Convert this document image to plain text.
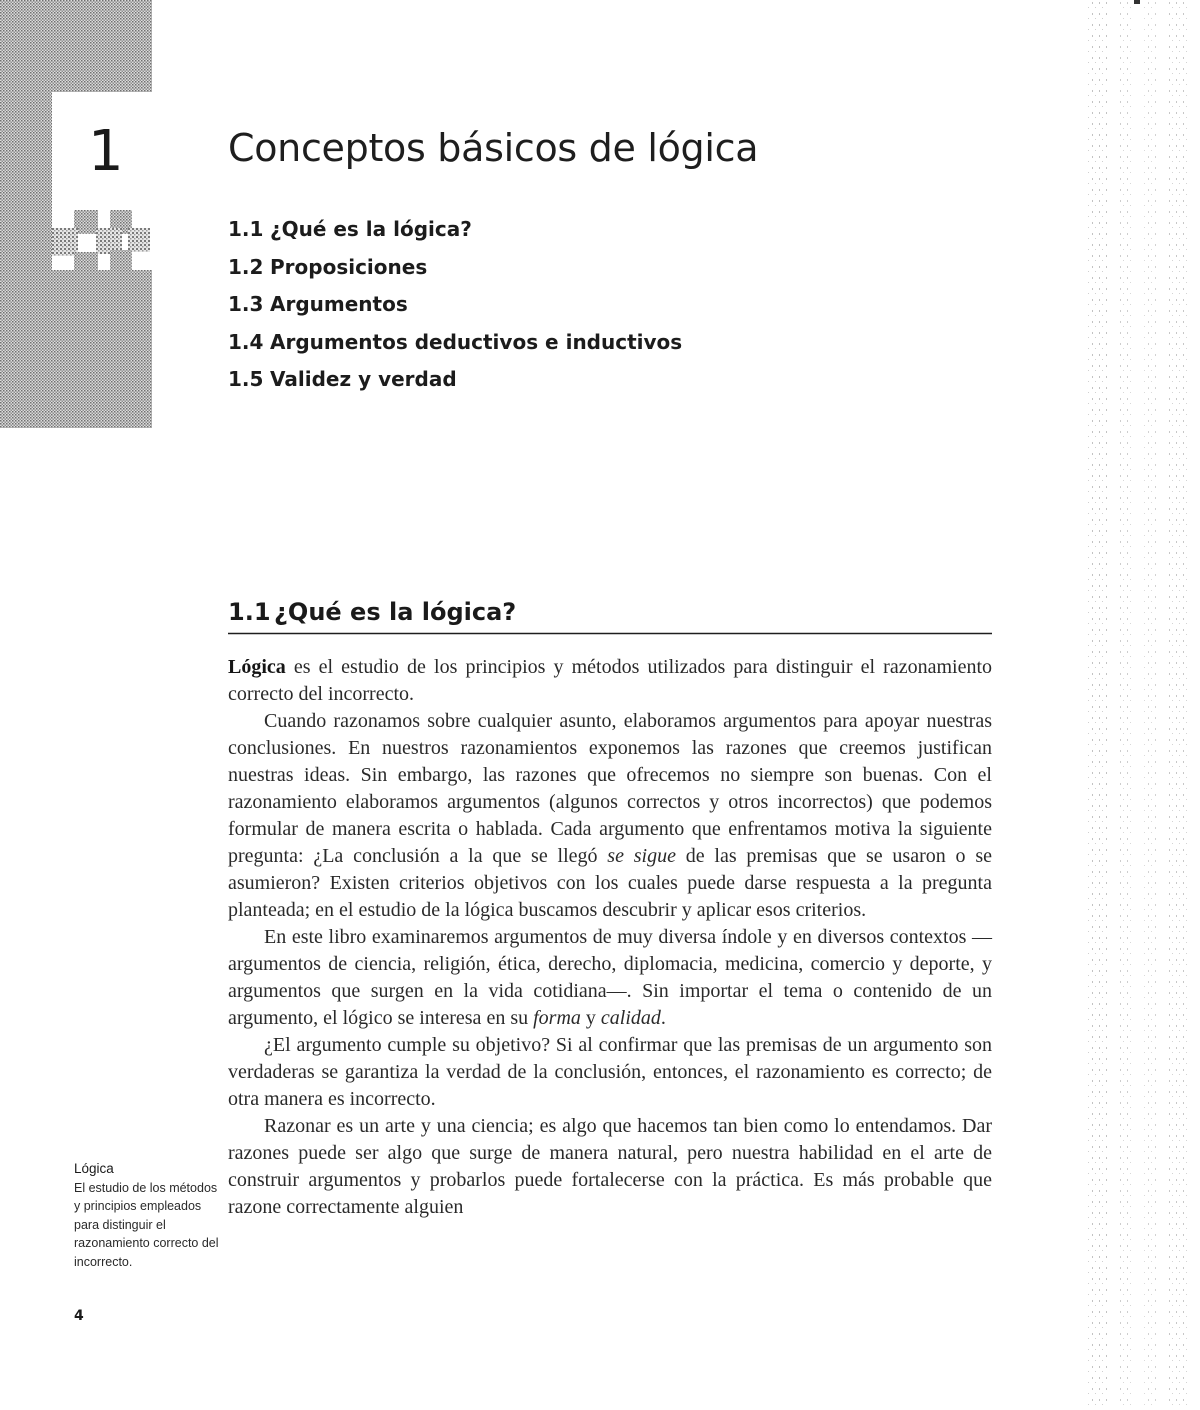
1	Conceptos básicos de lógica
1.1 ¿Qué es la lógica?
1.2 Proposiciones
1.3 Argumentos
1.4 Argumentos deductivos e inductivos
1.5 Validez y verdad
1.1 ¿Qué es la lógica?

Lógica es el estudio de los principios y métodos utilizados para distinguir el razonamiento correcto del incorrecto.

Cuando razonamos sobre cualquier asunto, elaboramos argumentos para apoyar nuestras conclusiones. En nuestros razonamientos exponemos las razones que creemos justifican nuestras ideas. Sin embargo, las razones que ofrecemos no siempre son buenas. Con el razonamiento elaboramos argumentos (algunos correctos y otros incorrectos) que podemos formular de manera escrita o hablada. Cada argumento que enfrentamos motiva la siguiente pregunta: ¿La conclusión a la que se llegó se sigue de las premisas que se usaron o se asumieron? Existen criterios objetivos con los cuales puede darse respuesta a la pregunta planteada; en el estudio de la lógica buscamos descubrir y aplicar esos criterios.

En este libro examinaremos argumentos de muy diversa índole y en diversos contextos —argumentos de ciencia, religión, ética, derecho, diplomacia, medicina, comercio y deporte, y argumentos que surgen en la vida cotidiana—. Sin importar el tema o contenido de un argumento, el lógico se interesa en su forma y calidad.

¿El argumento cumple su objetivo? Si al confirmar que las premisas de un argumento son verdaderas se garantiza la verdad de la conclusión, entonces, el razonamiento es correcto; de otra manera es incorrecto.

Razonar es un arte y una ciencia; es algo que hacemos tan bien como lo entendamos. Dar razones puede ser algo que surge de manera natural, pero nuestra habilidad en el arte de construir argumentos y probarlos puede fortalecerse con la práctica. Es más probable que razone correctamente alguien

Lógica
El estudio de los métodos y principios empleados para distinguir el razonamiento correcto del incorrecto.
4
